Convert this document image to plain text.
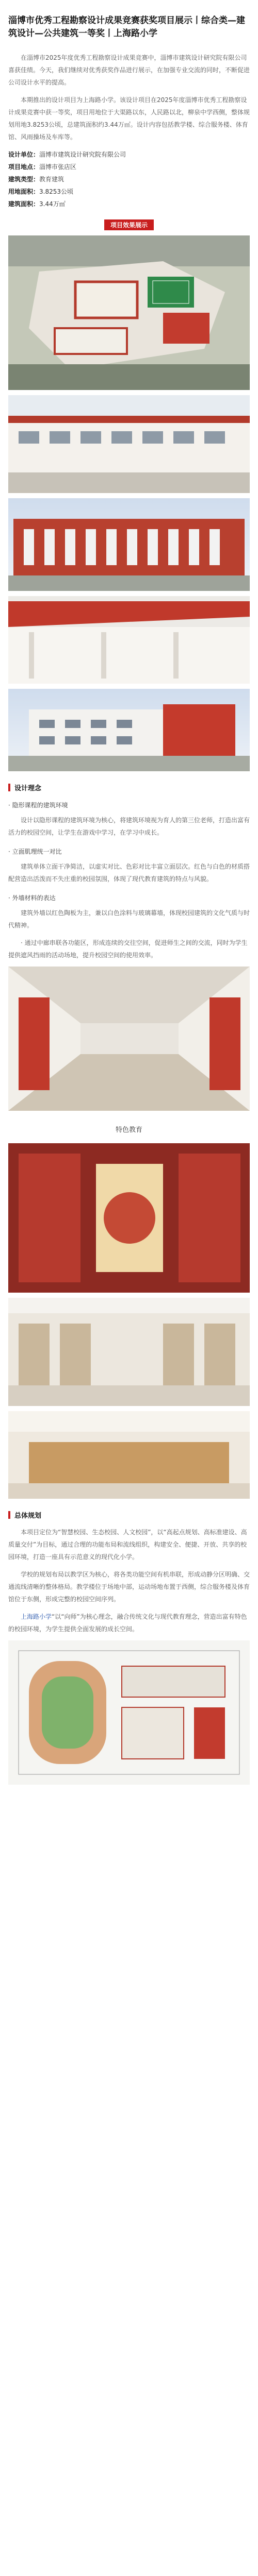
淄博市优秀工程勘察设计成果竞赛获奖项目展示丨综合类—建筑设计—公共建筑一等奖丨上海路小学

在淄博市2025年度优秀工程勘察设计成果竞赛中，淄博市建筑设计研究院有限公司喜获佳绩。今天，我们继续对优秀获奖作品进行展示，在加强专业交流的同时，不断促进公司设计水平的提高。

本期推出的设计项目为上海路小学。该设计项目在2025年度淄博市优秀工程勘察设计成果竞赛中获一等奖，项目用地位于大渠路以东，人民路以北，柳泉中学西侧，整体规划用地3.8253公顷，总建筑面积约3.44万㎡。设计内容包括教学楼、综合服务楼、体育馆、风雨操场及车库等。

设计单位：淄博市建筑设计研究院有限公司
项目地点：淄博市张店区
建筑类型：教育建筑
用地面积：3.8253公顷
建筑面积：3.44万㎡
项目效果展示
设计理念
· 隐形课程的建筑环境

设计以隐形课程的建筑环境为核心，将建筑环境视为育人的第三位老师，打造出富有活力的校园空间，让学生在游戏中学习，在学习中成长。

· 立面肌理统一对比

建筑单体立面干净简洁，以虚实对比、色彩对比丰富立面层次。红色与白色的材质搭配营造出活泼而不失庄重的校园氛围，体现了现代教育建筑的特点与风貌。

· 外墙材料的表达

建筑外墙以红色陶板为主，兼以白色涂料与玻璃幕墙，体现校园建筑的文化气质与时代精神。

· 通过中廊串联各功能区，形成连续的交往空间，促进师生之间的交流，同时为学生提供遮风挡雨的活动场地，提升校园空间的使用效率。

特色教育
总体规划

本项目定位为“智慧校园、生态校园、人文校园”，以“高起点规划、高标准建设、高质量交付”为目标，通过合理的功能布局和流线组织，构建安全、便捷、开放、共享的校园环境，打造一座具有示范意义的现代化小学。

学校的规划布局以教学区为核心，将各类功能空间有机串联，形成动静分区明确、交通流线清晰的整体格局。教学楼位于场地中部，运动场地布置于西侧，综合服务楼及体育馆位于东侧，形成完整的校园空间序列。

上海路小学“以“向师”为核心理念，融合传统文化与现代教育理念，营造出富有特色的校园环境，为学生提供全面发展的成长空间。
